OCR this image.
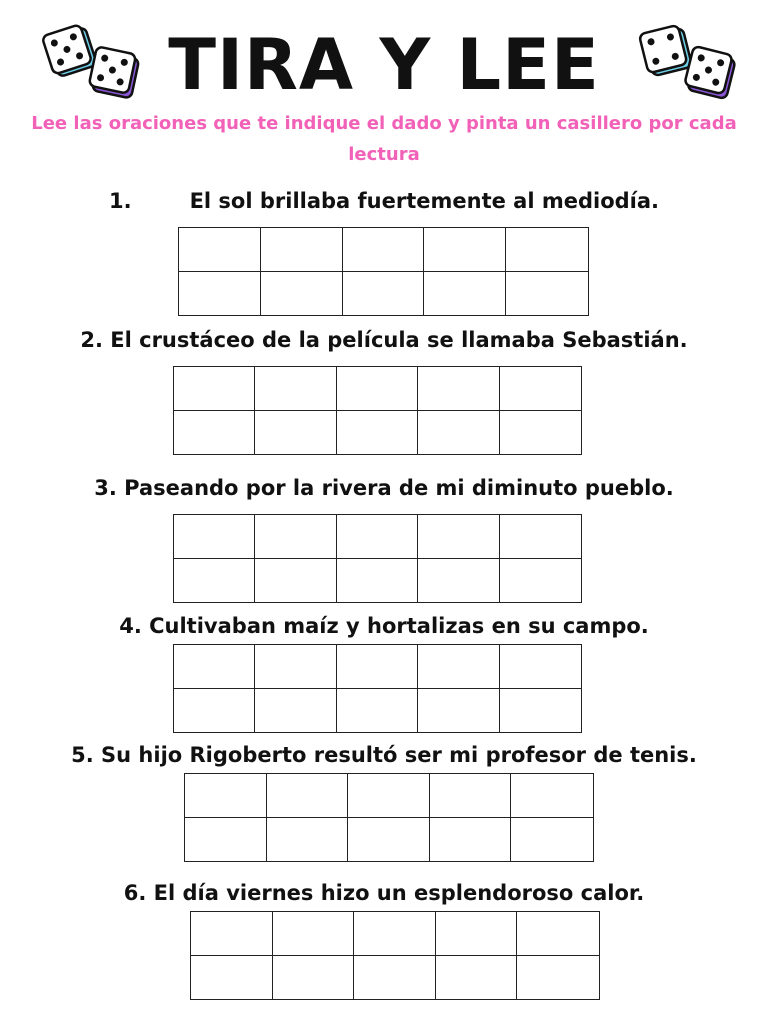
TIRA Y LEE

Lee las oraciones que te indique el dado y pinta un casillero por cada lectura

1.	El sol brillaba fuertemente al mediodía.

2. El crustáceo de la película se llamaba Sebastián.

3. Paseando por la rivera de mi diminuto pueblo.

4. Cultivaban maíz y hortalizas en su campo.

5. Su hijo Rigoberto resultó ser mi profesor de tenis.

6. El día viernes hizo un esplendoroso calor.
